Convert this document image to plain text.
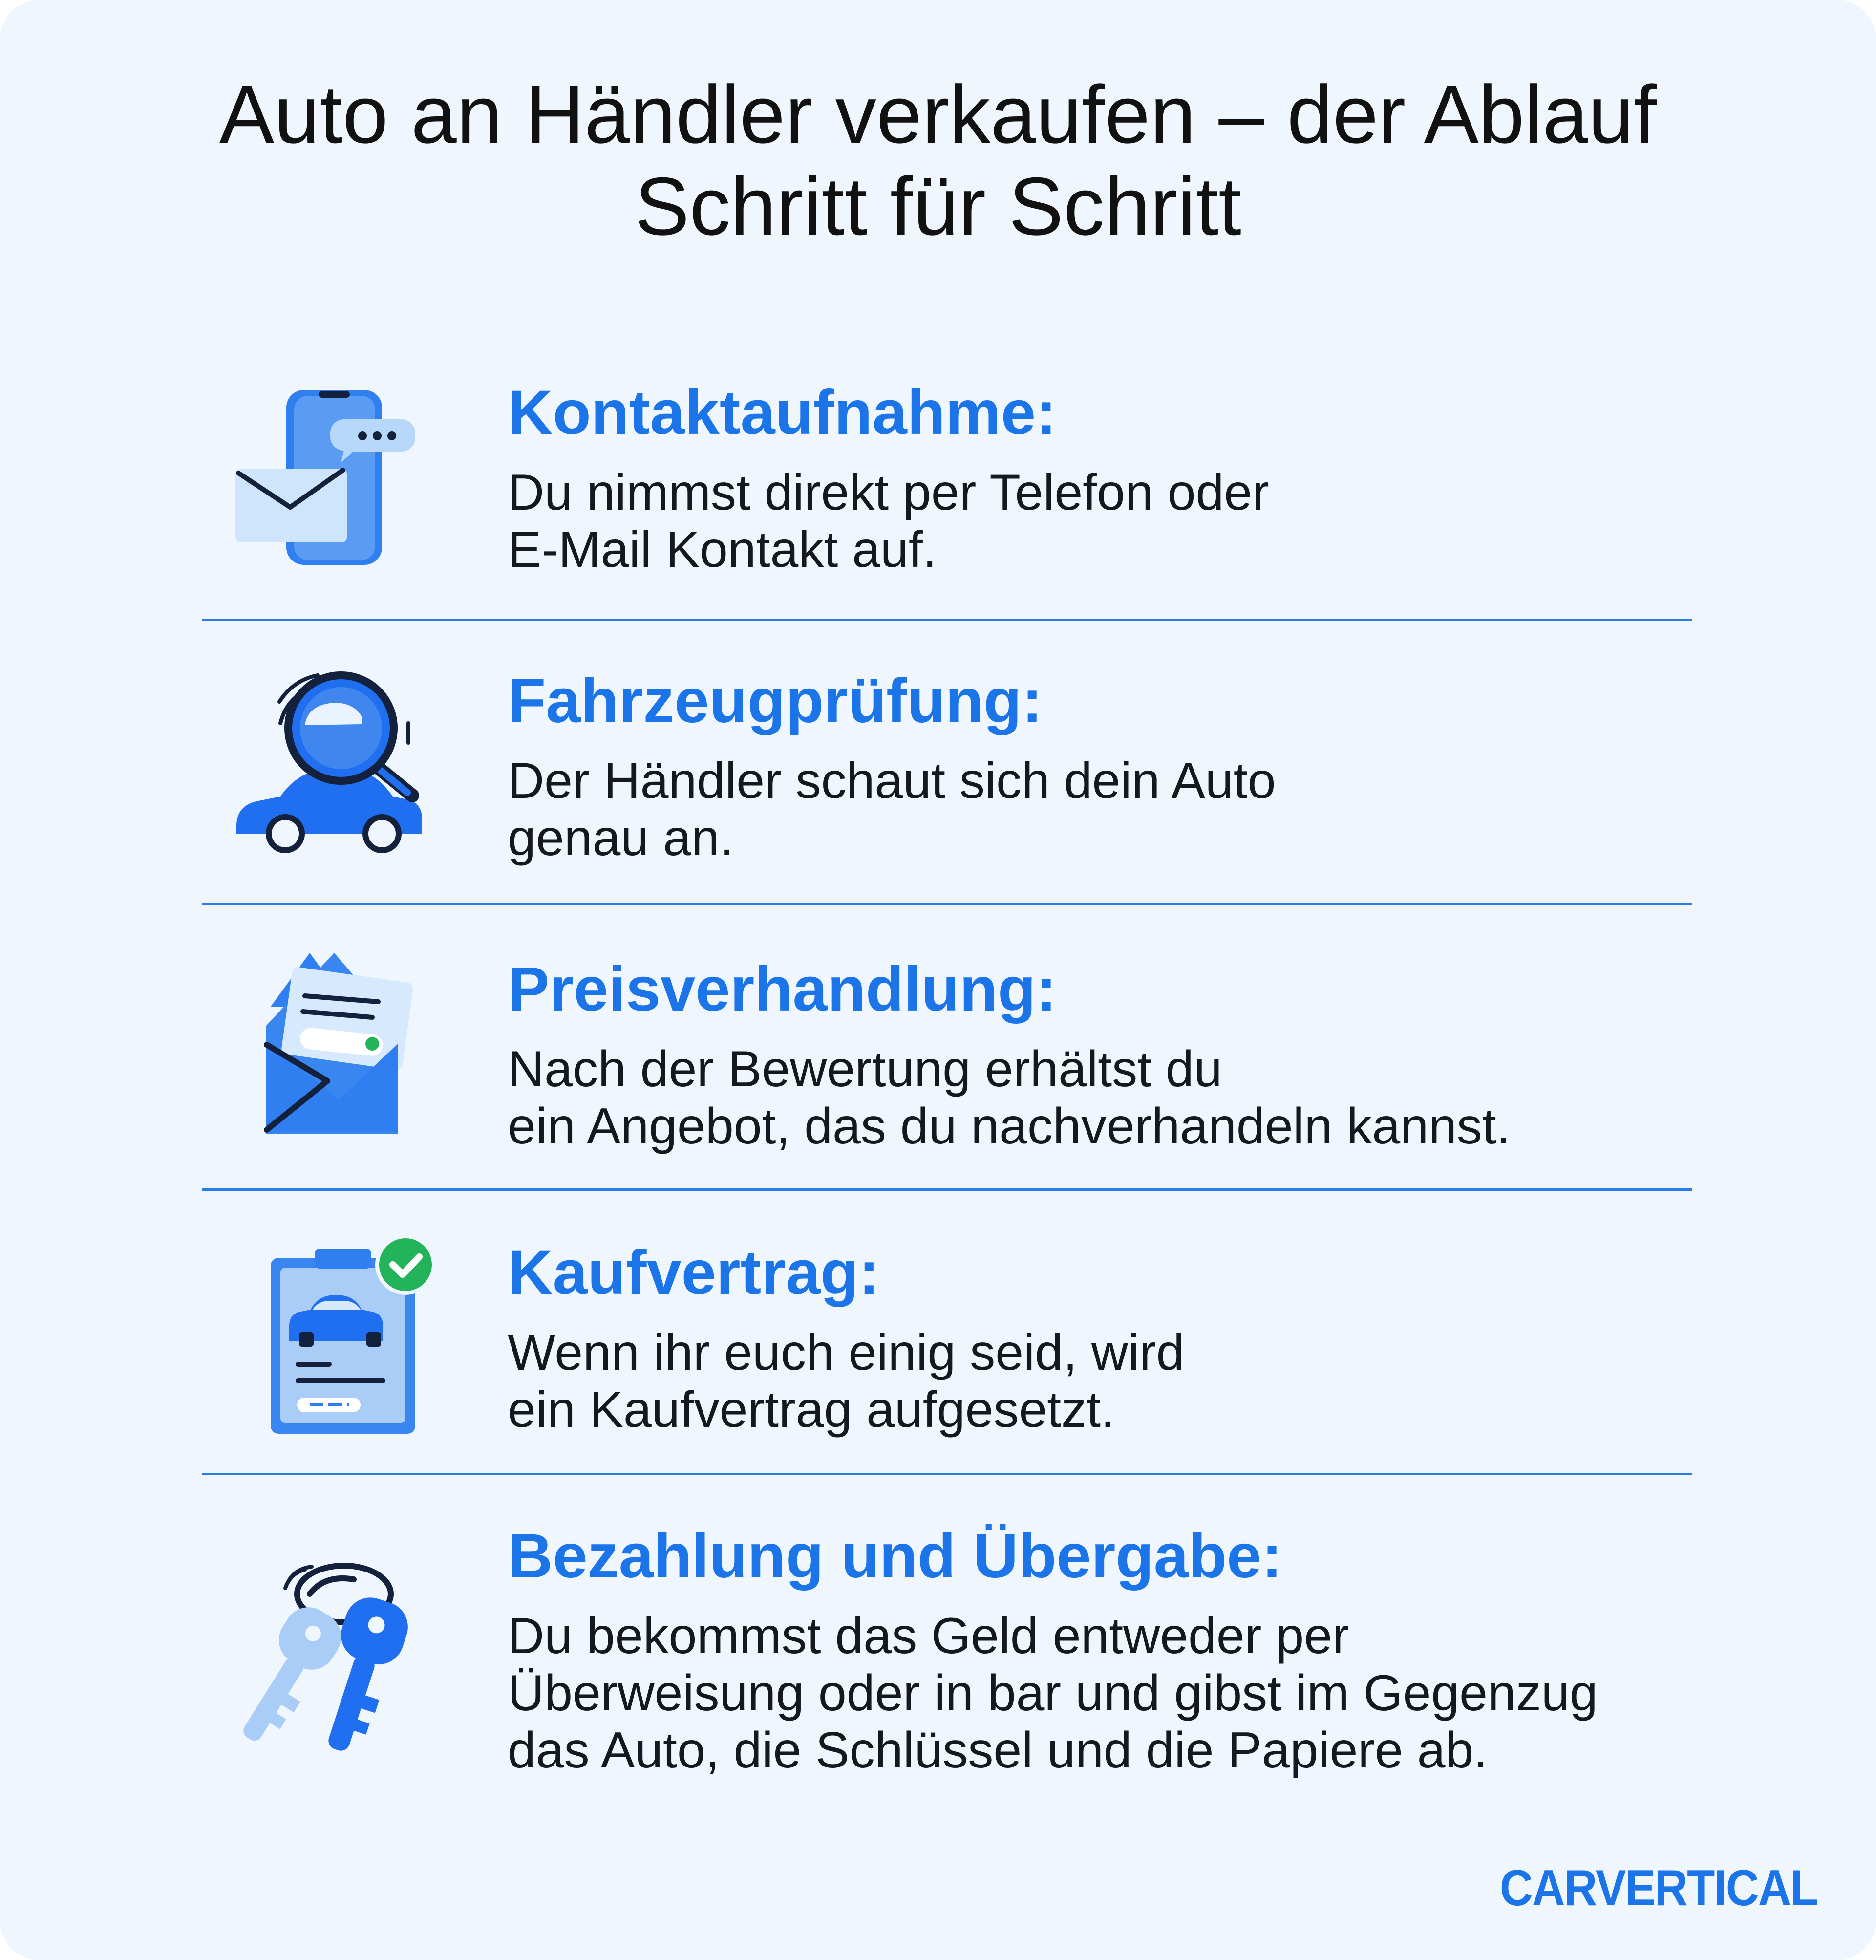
Auto an Händler verkaufen – der Ablauf
Schritt für Schritt
Kontaktaufnahme:

Du nimmst direkt per Telefon oder
E-Mail Kontakt auf.

Fahrzeugprüfung:

Der Händler schaut sich dein Auto
genau an.

Preisverhandlung:

Nach der Bewertung erhältst du
ein Angebot, das du nachverhandeln kannst.

Kaufvertrag:

Wenn ihr euch einig seid, wird
ein Kaufvertrag aufgesetzt.

Bezahlung und Übergabe:

Du bekommst das Geld entweder per
Überweisung oder in bar und gibst im Gegenzug
das Auto, die Schlüssel und die Papiere ab.

CARVERTICAL
